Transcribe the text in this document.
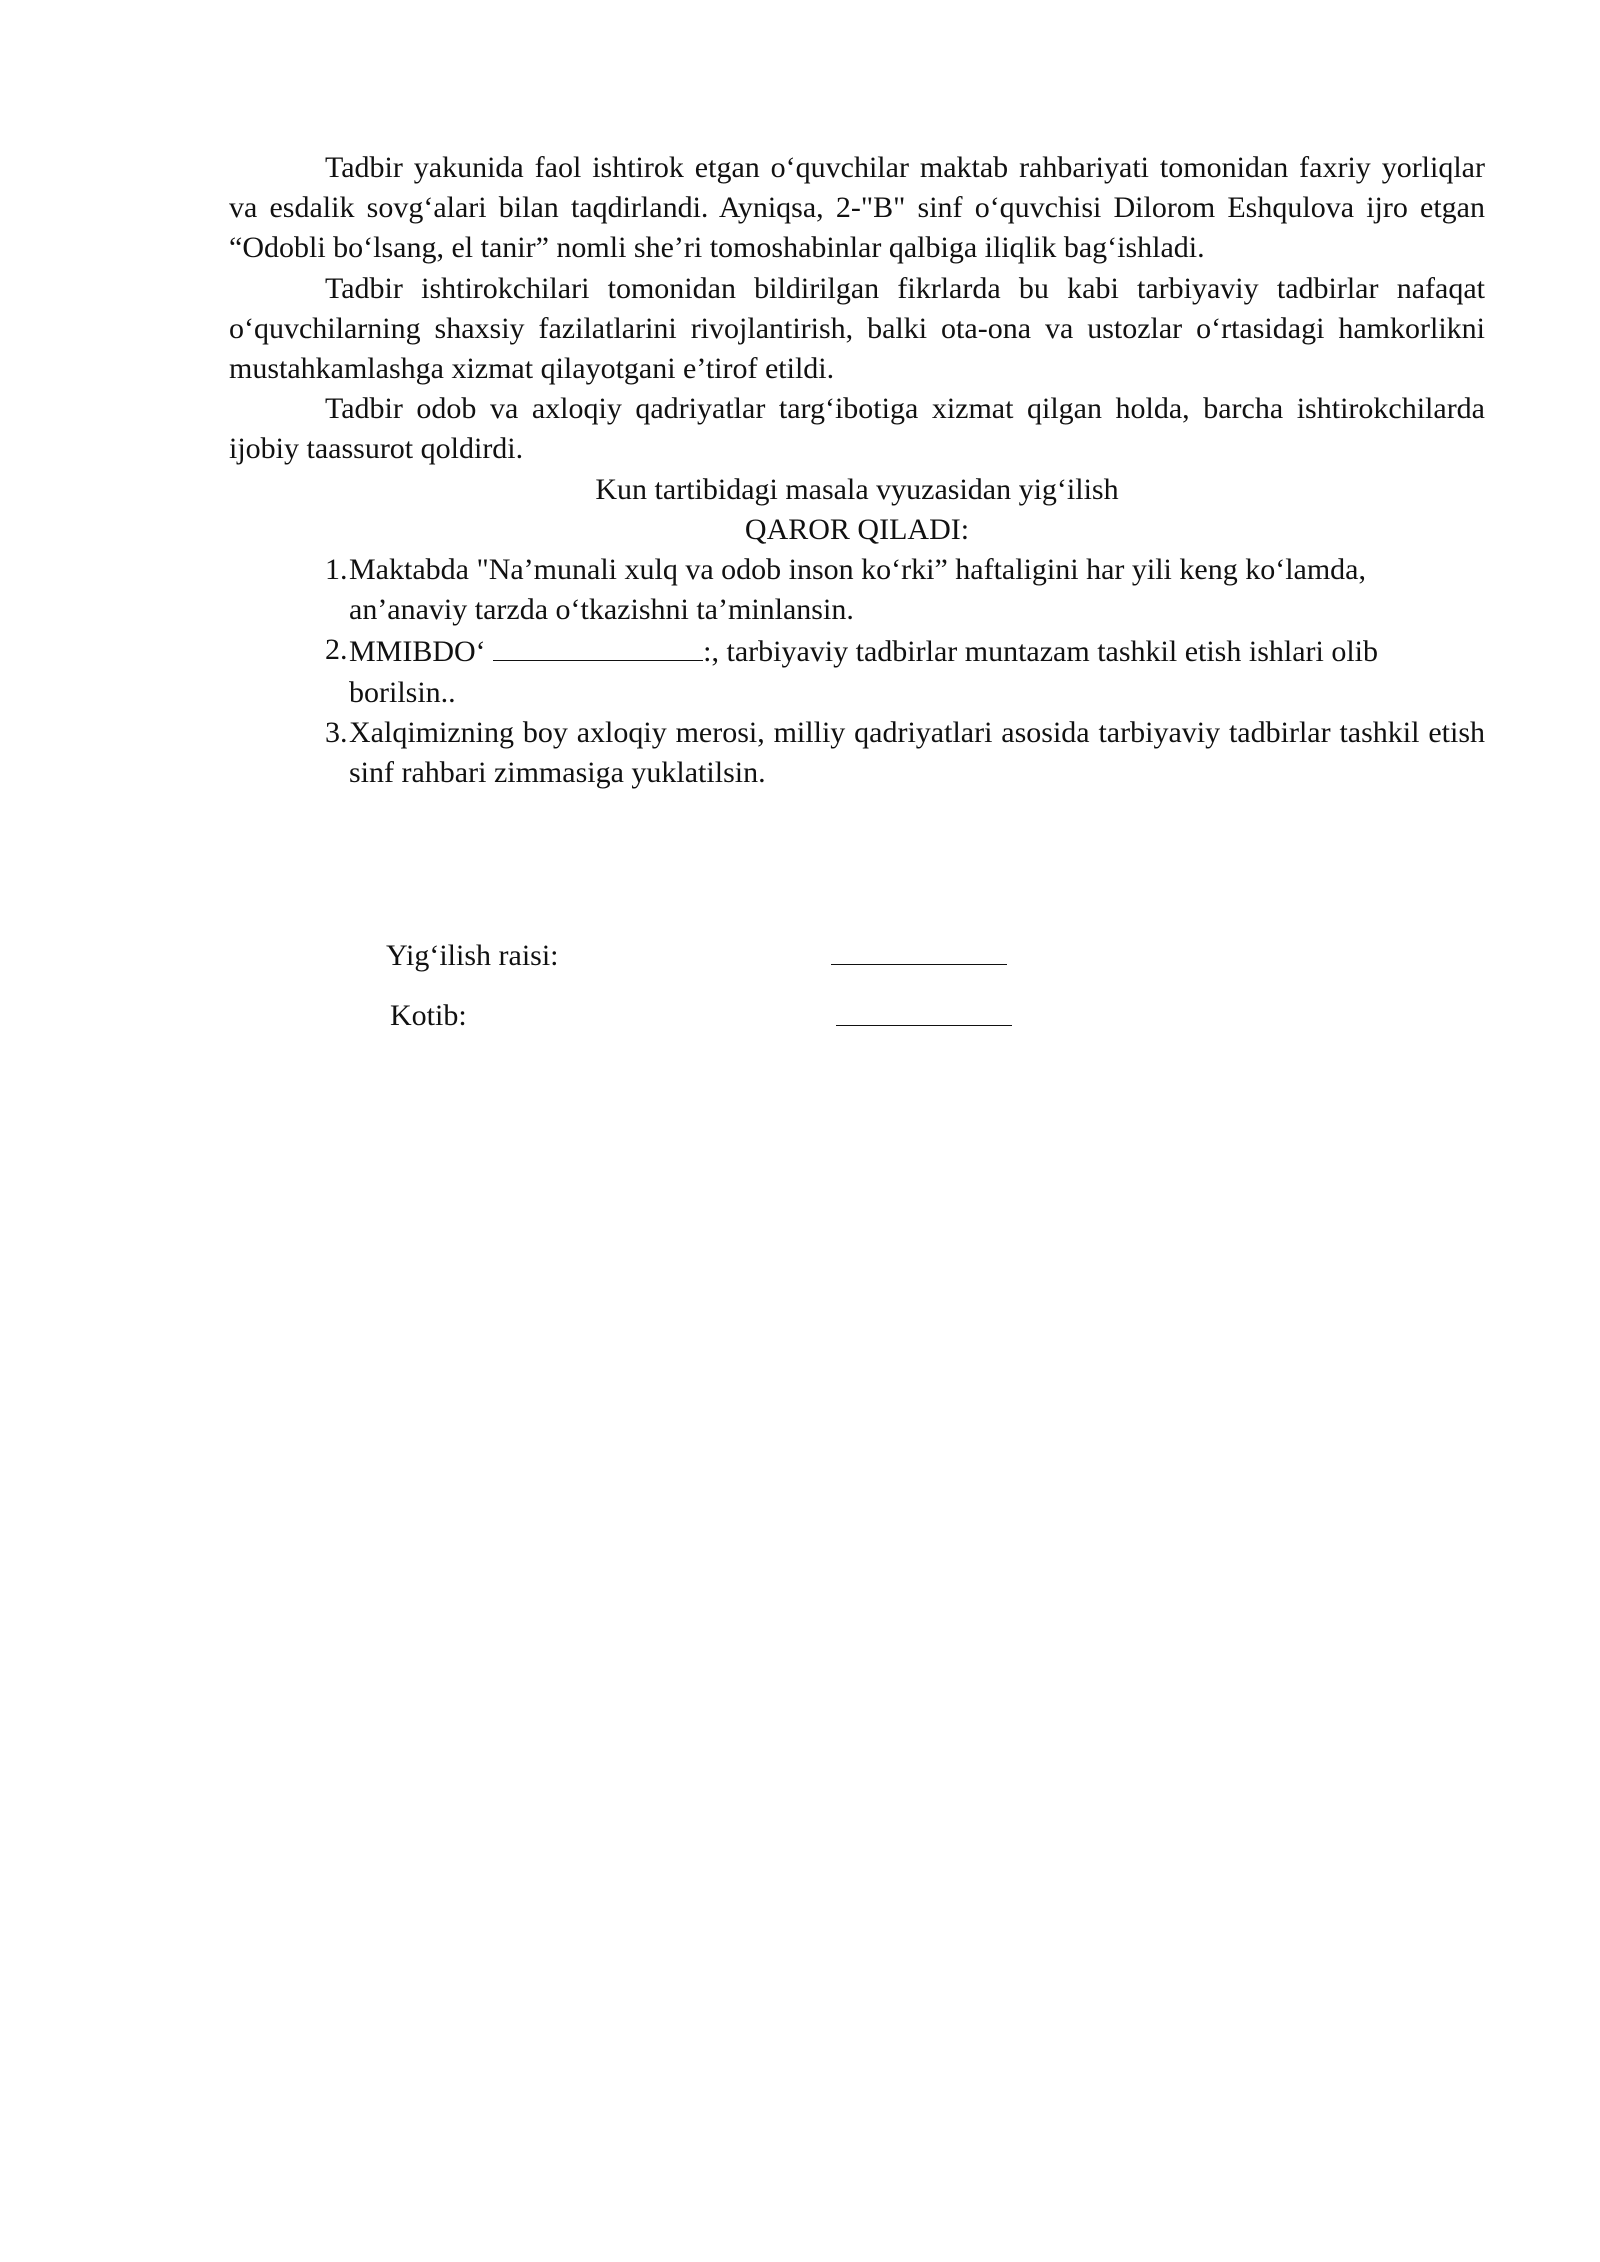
Tadbir yakunida faol ishtirok etgan o‘quvchilar maktab rahbariyati tomonidan faxriy yorliqlar va esdalik sovg‘alari bilan taqdirlandi. Ayniqsa, 2-"B" sinf o‘quvchisi Dilorom Eshqulova ijro etgan “Odobli bo‘lsang, el tanir” nomli she’ri tomoshabinlar qalbiga iliqlik bag‘ishladi.

Tadbir ishtirokchilari tomonidan bildirilgan fikrlarda bu kabi tarbiyaviy tadbirlar nafaqat o‘quvchilarning shaxsiy fazilatlarini rivojlantirish, balki ota-ona va ustozlar o‘rtasidagi hamkorlikni mustahkamlashga xizmat qilayotgani e’tirof etildi.

Tadbir odob va axloqiy qadriyatlar targ‘ibotiga xizmat qilgan holda, barcha ishtirokchilarda ijobiy taassurot qoldirdi.

Kun tartibidagi masala vyuzasidan yig‘ilish

QAROR QILADI:

1. Maktabda "Na’munali xulq va odob inson ko‘rki” haftaligini har yili keng ko‘lamda, an’anaviy tarzda o‘tkazishni ta’minlansin.
2. MMIBDO‘	:, tarbiyaviy tadbirlar muntazam tashkil etish ishlari olib borilsin..
3. Xalqimizning boy axloqiy merosi, milliy qadriyatlari asosida tarbiyaviy tadbirlar tashkil etish sinf rahbari zimmasiga yuklatilsin.
Yig‘ilish raisi:
Kotib:
